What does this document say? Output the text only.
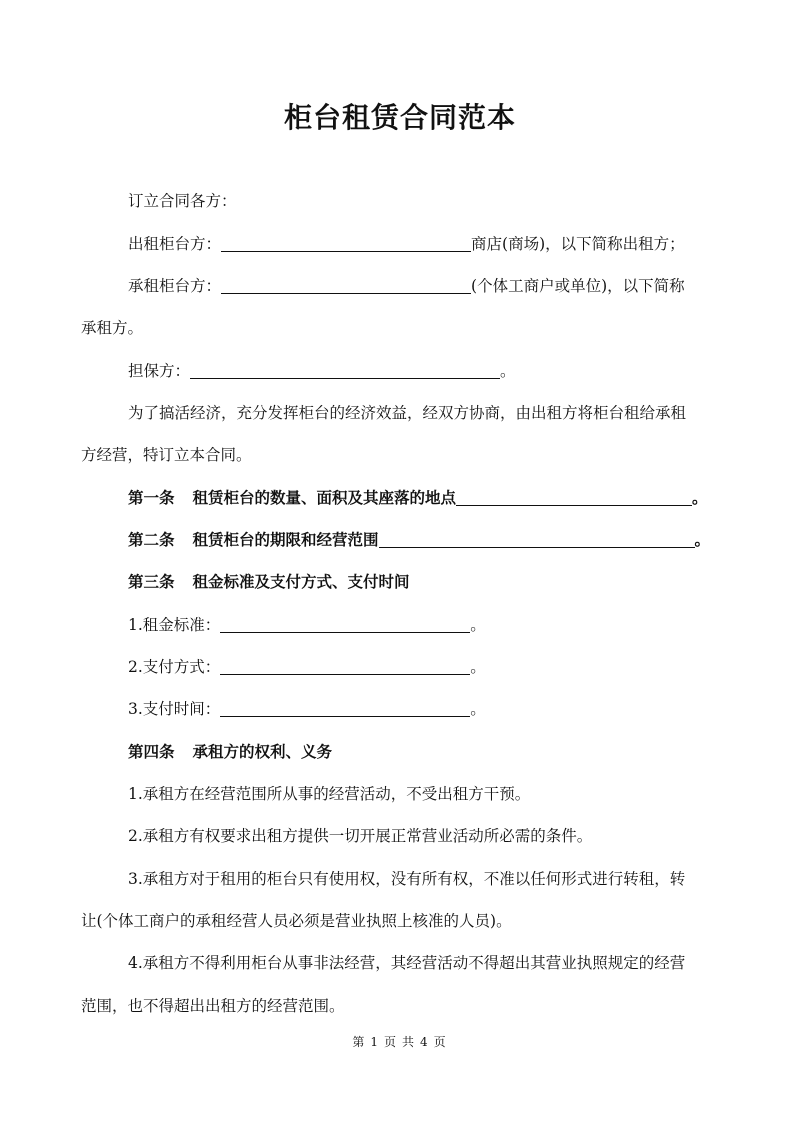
柜台租赁合同范本
订立合同各方：
出租柜台方：	商店(商场)，以下简称出租方；
承租柜台方：	(个体工商户或单位)，以下简称
承租方。
担保方：	。
为了搞活经济，充分发挥柜台的经济效益，经双方协商，由出租方将柜台租给承租
方经营，特订立本合同。
第一条 租赁柜台的数量、面积及其座落的地点	。
第二条 租赁柜台的期限和经营范围	。
第三条 租金标准及支付方式、支付时间
1.租金标准：	。
2.支付方式：	。
3.支付时间：	。
第四条 承租方的权利、义务
1.承租方在经营范围所从事的经营活动，不受出租方干预。
2.承租方有权要求出租方提供一切开展正常营业活动所必需的条件。
3.承租方对于租用的柜台只有使用权，没有所有权，不准以任何形式进行转租，转
让(个体工商户的承租经营人员必须是营业执照上核准的人员)。
4.承租方不得利用柜台从事非法经营，其经营活动不得超出其营业执照规定的经营
范围，也不得超出出租方的经营范围。
第 1 页 共 4 页
